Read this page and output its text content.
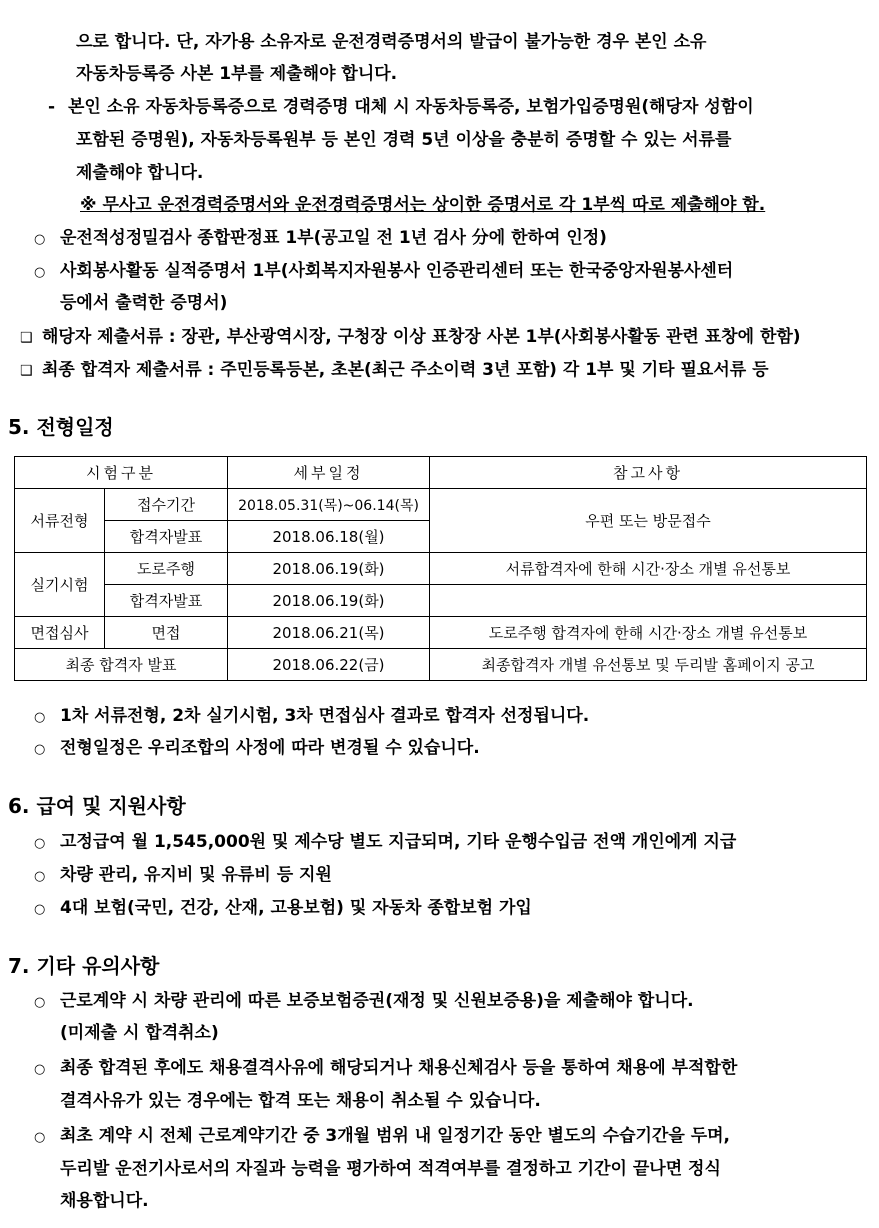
으로 합니다. 단, 자가용 소유자로 운전경력증명서의 발급이 불가능한 경우 본인 소유
자동차등록증 사본 1부를 제출해야 합니다.
- 본인 소유 자동차등록증으로 경력증명 대체 시 자동차등록증, 보험가입증명원(해당자 성함이
포함된 증명원), 자동차등록원부 등 본인 경력 5년 이상을 충분히 증명할 수 있는 서류를
제출해야 합니다.
※ 무사고 운전경력증명서와 운전경력증명서는 상이한 증명서로 각 1부씩 따로 제출해야 함.
○ 운전적성정밀검사 종합판정표 1부(공고일 전 1년 검사 分에 한하여 인정)
○ 사회봉사활동 실적증명서 1부(사회복지자원봉사 인증관리센터 또는 한국중앙자원봉사센터
등에서 출력한 증명서)
❑ 해당자 제출서류 : 장관, 부산광역시장, 구청장 이상 표창장 사본 1부(사회봉사활동 관련 표창에 한함)
❑ 최종 합격자 제출서류 : 주민등록등본, 초본(최근 주소이력 3년 포함) 각 1부 및 기타 필요서류 등
5. 전형일정
시험구분		세부일정	참고사항
서류전형	접수기간	2018.05.31(목)~06.14(목)	우편 또는 방문접수
	합격자발표	2018.06.18(월)	
실기시험	도로주행	2018.06.19(화)	서류합격자에 한해 시간·장소 개별 유선통보
	합격자발표	2018.06.19(화)	
면접심사	면접	2018.06.21(목)	도로주행 합격자에 한해 시간·장소 개별 유선통보
최종 합격자 발표		2018.06.22(금)	최종합격자 개별 유선통보 및 두리발 홈페이지 공고
○ 1차 서류전형, 2차 실기시험, 3차 면접심사 결과로 합격자 선정됩니다.
○ 전형일정은 우리조합의 사정에 따라 변경될 수 있습니다.
6. 급여 및 지원사항
○ 고정급여 월 1,545,000원 및 제수당 별도 지급되며, 기타 운행수입금 전액 개인에게 지급
○ 차량 관리, 유지비 및 유류비 등 지원
○ 4대 보험(국민, 건강, 산재, 고용보험) 및 자동차 종합보험 가입
7. 기타 유의사항
○ 근로계약 시 차량 관리에 따른 보증보험증권(재정 및 신원보증용)을 제출해야 합니다.
(미제출 시 합격취소)
○ 최종 합격된 후에도 채용결격사유에 해당되거나 채용신체검사 등을 통하여 채용에 부적합한
결격사유가 있는 경우에는 합격 또는 채용이 취소될 수 있습니다.
○ 최초 계약 시 전체 근로계약기간 중 3개월 범위 내 일정기간 동안 별도의 수습기간을 두며,
두리발 운전기사로서의 자질과 능력을 평가하여 적격여부를 결정하고 기간이 끝나면 정식
채용합니다.
